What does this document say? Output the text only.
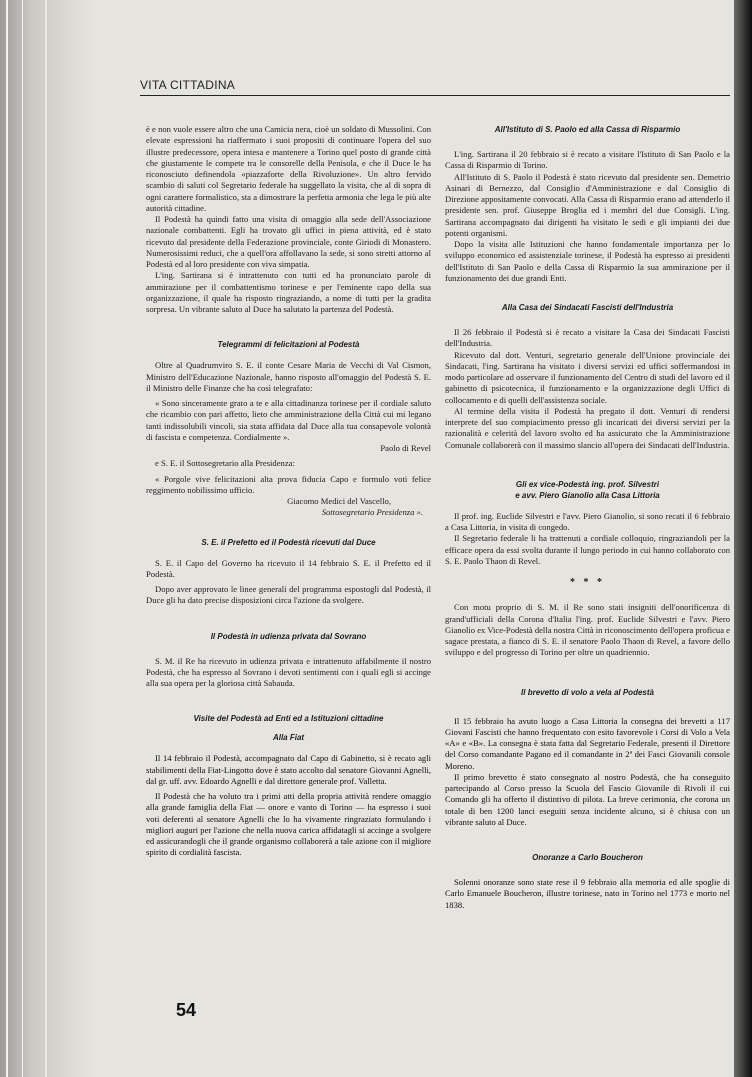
VITA CITTADINA

è e non vuole essere altro che una Camicia nera, cioè un soldato di Mussolini. Con elevate espressioni ha riaffermato i suoi propositi di continuare l'opera del suo illustre predecessore, opera intesa e mantenere a Torino quel posto di grande città che giustamente le compete tra le consorelle della Penisola, e che il Duce le ha riconosciuto definendola «piazzaforte della Rivoluzione». Un altro fervido scambio di saluti col Segretario federale ha suggellato la visita, che al di sopra di ogni carattere formalistico, sta a dimostrare la perfetta armonia che lega le più alte autorità cittadine.

Il Podestà ha quindi fatto una visita di omaggio alla sede dell'Associazione nazionale combattenti. Egli ha trovato gli uffici in piena attività, ed è stato ricevuto dal presidente della Federazione provinciale, conte Giriodi di Monastero. Numerosissimi reduci, che a quell'ora affollavano la sede, si sono stretti attorno al Podestà ed al loro presidente con viva simpatia.

L'ing. Sartirana si è intrattenuto con tutti ed ha pronunciato parole di ammirazione per il combattentismo torinese e per l'eminente capo della sua organizzazione, il quale ha risposto ringraziando, a nome di tutti per la gradita sorpresa. Un vibrante saluto al Duce ha salutato la partenza del Podestà.

Telegrammi di felicitazioni al Podestà

Oltre al Quadrumviro S. E. il conte Cesare Maria de Vecchi di Val Cismon, Ministro dell'Educazione Nazionale, hanno risposto all'omaggio del Podestà S. E. il Ministro delle Finanze che ha così telegrafato:

« Sono sinceramente grato a te e alla cittadinanza torinese per il cordiale saluto che ricambio con pari affetto, lieto che amministrazione della Città cui mi legano tanti indissolubili vincoli, sia stata affidata dal Duce alla tua consapevole volontà di fascista e competenza. Cordialmente ».

Paolo di Revel

e S. E. il Sottosegretario alla Presidenza:

« Porgole vive felicitazioni alta prova fiducia Capo e formulo voti felice reggimento nobilissimo ufficio.

Giacomo Medici del Vascello,
Sottosegretario Presidenza ».
S. E. il Prefetto ed il Podestà ricevuti dal Duce

S. E. il Capo del Governo ha ricevuto il 14 febbraio S. E. il Prefetto ed il Podestà.

Dopo aver approvato le linee generali del programma espostogli dal Podestà, il Duce gli ha dato precise disposizioni circa l'azione da svolgere.

Il Podestà in udienza privata dal Sovrano

S. M. il Re ha ricevuto in udienza privata e intrattenuto affabilmente il nostro Podestà, che ha espresso al Sovrano i devoti sentimenti con i quali egli si accinge alla sua opera per la gloriosa città Sabauda.

Visite del Podestà ad Enti ed a Istituzioni cittadine
Alla Fiat

Il 14 febbraio il Podestà, accompagnato dal Capo di Gabinetto, si è recato agli stabilimenti della Fiat-Lingotto dove è stato accolto dal senatore Giovanni Agnelli, dal gr. uff. avv. Edoardo Agnelli e dal direttore generale prof. Valletta.

Il Podestà che ha voluto tra i primi atti della propria attività rendere omaggio alla grande famiglia della Fiat — onore e vanto di Torino — ha espresso i suoi voti deferenti al senatore Agnelli che lo ha vivamente ringraziato formulando i migliori auguri per l'azione che nella nuova carica affidatagli si accinge a svolgere ed assicurandogli che il grande organismo collaborerà a tale azione con il migliore spirito di cordialità fascista.

All'Istituto di S. Paolo ed alla Cassa di Risparmio

L'ing. Sartirana il 20 febbraio si è recato a visitare l'Istituto di San Paolo e la Cassa di Risparmio di Torino.

All'Istituto di S. Paolo il Podestà è stato ricevuto dal presidente sen. Demetrio Asinari di Bernezzo, dal Consiglio d'Amministrazione e dal Consiglio di Direzione appositamente convocati. Alla Cassa di Risparmio erano ad attenderlo il presidente sen. prof. Giuseppe Broglia ed i membri del due Consigli. L'ing. Sartirana accompagnato dai dirigenti ha visitato le sedi e gli impianti dei due potenti organismi.

Dopo la visita alle Istituzioni che hanno fondamentale importanza per lo sviluppo economico ed assistenziale torinese, il Podestà ha espresso ai presidenti dell'Istituto di San Paolo e della Cassa di Risparmio la sua ammirazione per il funzionamento dei due grandi Enti.

Alla Casa dei Sindacati Fascisti dell'Industria

Il 26 febbraio il Podestà si è recato a visitare la Casa dei Sindacati Fascisti dell'Industria.

Ricevuto dal dott. Venturi, segretario generale dell'Unione provinciale dei Sindacati, l'ing. Sartirana ha visitato i diversi servizi ed uffici soffermandosi in modo particolare ad osservare il funzionamento del Centro di studi del lavoro ed il gabinetto di psicotecnica, il funzionamento e la organizzazione degli Uffici di collocamento e di quelli dell'assistenza sociale.

Al termine della visita il Podestà ha pregato il dott. Venturi di rendersi interprete del suo compiacimento presso gli incaricati dei diversi servizi per la razionalità e celerità del lavoro svolto ed ha assicurato che la Amministrazione Comunale collaborerà con il massimo slancio all'opera dei Sindacati dell'Industria.

Gli ex vice-Podestà ing. prof. Silvestri
e avv. Piero Gianolio alla Casa Littoria

Il prof. ing. Euclide Silvestri e l'avv. Piero Gianolio, si sono recati il 6 febbraio a Casa Littoria, in visita di congedo.

Il Segretario federale li ha trattenuti a cordiale colloquio, ringraziandoli per la efficace opera da essi svolta durante il lungo periodo in cui hanno collaborato con S. E. Paolo Thaon di Revel.

* * *

Con motu proprio di S. M. il Re sono stati insigniti dell'onorificenza di grand'ufficiali della Corona d'Italia l'ing. prof. Euclide Silvestri e l'avv. Piero Gianolio ex Vice-Podestà della nostra Città in riconoscimento dell'opera proficua e sagace prestata, a fianco di S. E. il senatore Paolo Thaon di Revel, a favore dello sviluppo e del progresso di Torino per oltre un quadriennio.

Il brevetto di volo a vela al Podestà

Il 15 febbraio ha avuto luogo a Casa Littoria la consegna dei brevetti a 117 Giovani Fascisti che hanno frequentato con esito favorevole i Corsi di Volo a Vela «A» e «B». La consegna è stata fatta dal Segretario Federale, presenti il Direttore del Corso comandante Pagano ed il comandante in 2ª dei Fasci Giovanili console Moreno.

Il primo brevetto è stato consegnato al nostro Podestà, che ha conseguito partecipando al Corso presso la Scuola del Fascio Giovanile di Rivoli il cui Comando gli ha offerto il distintivo di pilota. La breve cerimonia, che corona un totale di ben 1200 lanci eseguiti senza incidente alcuno, si è chiusa con un vibrante saluto al Duce.

Onoranze a Carlo Boucheron

Solenni onoranze sono state rese il 9 febbraio alla memoria ed alle spoglie di Carlo Emanuele Boucheron, illustre torinese, nato in Torino nel 1773 e morto nel 1838.

54
